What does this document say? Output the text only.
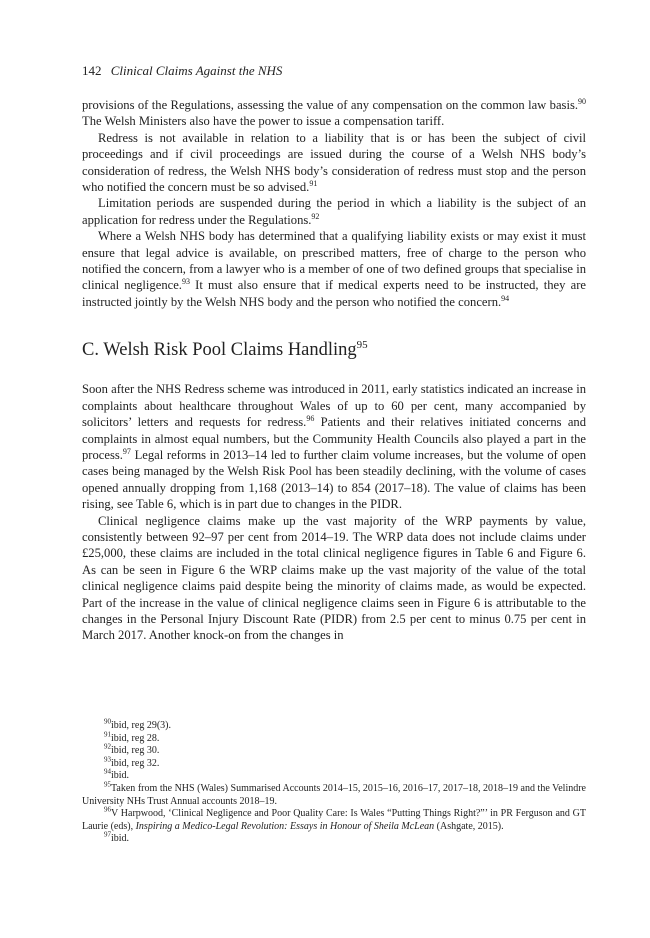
142 Clinical Claims Against the NHS

provisions of the Regulations, assessing the value of any compensation on the common law basis.$^{90}$ The Welsh Ministers also have the power to issue a compensation tariff.

Redress is not available in relation to a liability that is or has been the subject of civil proceedings and if civil proceedings are issued during the course of a Welsh NHS body’s consideration of redress, the Welsh NHS body’s consideration of redress must stop and the person who notified the concern must be so advised.$^{91}$

Limitation periods are suspended during the period in which a liability is the subject of an application for redress under the Regulations.$^{92}$

Where a Welsh NHS body has determined that a qualifying liability exists or may exist it must ensure that legal advice is available, on prescribed matters, free of charge to the person who notified the concern, from a lawyer who is a member of one of two defined groups that specialise in clinical negligence.$^{93}$ It must also ensure that if medical experts need to be instructed, they are instructed jointly by the Welsh NHS body and the person who notified the concern.$^{94}$

C. Welsh Risk Pool Claims Handling$^{95}$

Soon after the NHS Redress scheme was introduced in 2011, early statistics indicated an increase in complaints about healthcare throughout Wales of up to 60 per cent, many accompanied by solicitors’ letters and requests for redress.$^{96}$ Patients and their relatives initiated concerns and complaints in almost equal numbers, but the Community Health Councils also played a part in the process.$^{97}$ Legal reforms in 2013–14 led to further claim volume increases, but the volume of open cases being managed by the Welsh Risk Pool has been steadily declining, with the volume of cases opened annually dropping from 1,168 (2013–14) to 854 (2017–18). The value of claims has been rising, see Table 6, which is in part due to changes in the PIDR.

Clinical negligence claims make up the vast majority of the WRP payments by value, consistently between 92–97 per cent from 2014–19. The WRP data does not include claims under £25,000, these claims are included in the total clinical negligence figures in Table 6 and Figure 6. As can be seen in Figure 6 the WRP claims make up the vast majority of the value of the total clinical negligence claims paid despite being the minority of claims made, as would be expected. Part of the increase in the value of clinical negligence claims seen in Figure 6 is attributable to the changes in the Personal Injury Discount Rate (PIDR) from 2.5 per cent to minus 0.75 per cent in March 2017. Another knock-on from the changes in

$^{90}$ibid, reg 29(3).
$^{91}$ibid, reg 28.
$^{92}$ibid, reg 30.
$^{93}$ibid, reg 32.
$^{94}$ibid.
$^{95}$Taken from the NHS (Wales) Summarised Accounts 2014–15, 2015–16, 2016–17, 2017–18, 2018–19 and the Velindre University NHs Trust Annual accounts 2018–19.
$^{96}$V Harpwood, ‘Clinical Negligence and Poor Quality Care: Is Wales “Putting Things Right?”’ in PR Ferguson and GT Laurie (eds), Inspiring a Medico-Legal Revolution: Essays in Honour of Sheila McLean (Ashgate, 2015).
$^{97}$ibid.
